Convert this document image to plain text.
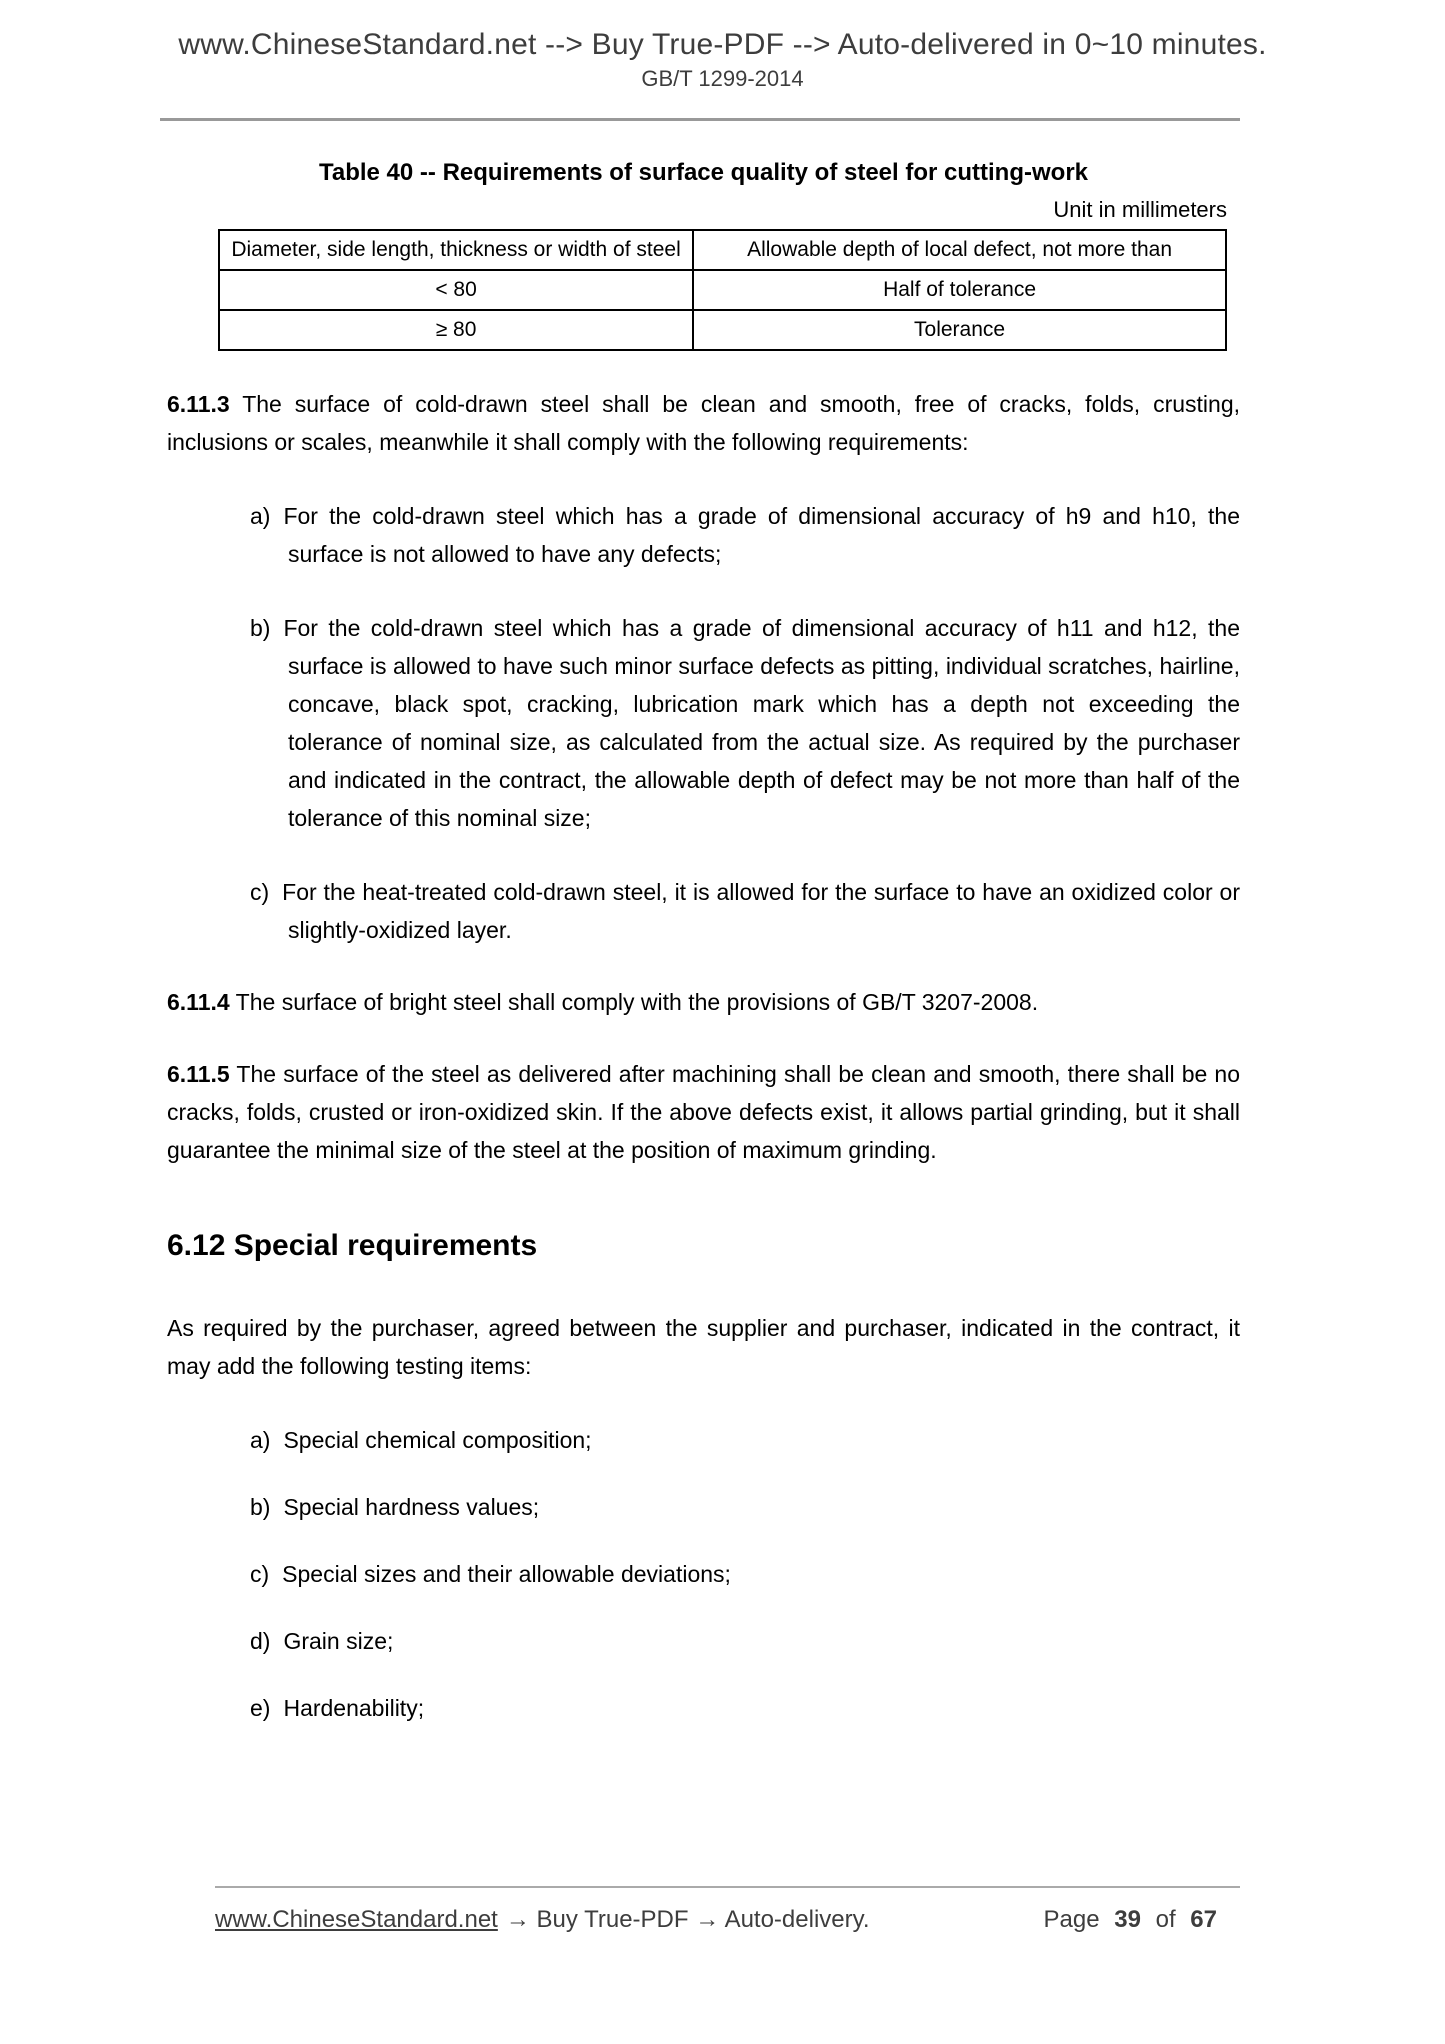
www.ChineseStandard.net --> Buy True-PDF --> Auto-delivered in 0~10 minutes.
GB/T 1299-2014
Table 40 -- Requirements of surface quality of steel for cutting-work
Unit in millimeters
Diameter, side length, thickness or width of steel	Allowable depth of local defect, not more than
< 80	Half of tolerance
≥ 80	Tolerance

6.11.3 The surface of cold-drawn steel shall be clean and smooth, free of cracks, folds, crusting, inclusions or scales, meanwhile it shall comply with the following requirements:

a) For the cold-drawn steel which has a grade of dimensional accuracy of h9 and h10, the surface is not allowed to have any defects;
b) For the cold-drawn steel which has a grade of dimensional accuracy of h11 and h12, the surface is allowed to have such minor surface defects as pitting, individual scratches, hairline, concave, black spot, cracking, lubrication mark which has a depth not exceeding the tolerance of nominal size, as calculated from the actual size. As required by the purchaser and indicated in the contract, the allowable depth of defect may be not more than half of the tolerance of this nominal size;
c) For the heat-treated cold-drawn steel, it is allowed for the surface to have an oxidized color or slightly-oxidized layer.

6.11.4 The surface of bright steel shall comply with the provisions of GB/T 3207-2008.

6.11.5 The surface of the steel as delivered after machining shall be clean and smooth, there shall be no cracks, folds, crusted or iron-oxidized skin. If the above defects exist, it allows partial grinding, but it shall guarantee the minimal size of the steel at the position of maximum grinding.

6.12 Special requirements

As required by the purchaser, agreed between the supplier and purchaser, indicated in the contract, it may add the following testing items:

a) Special chemical composition;
b) Special hardness values;
c) Special sizes and their allowable deviations;
d) Grain size;
e) Hardenability;
www.ChineseStandard.net → Buy True-PDF → Auto-delivery.	Page 39 of 67
